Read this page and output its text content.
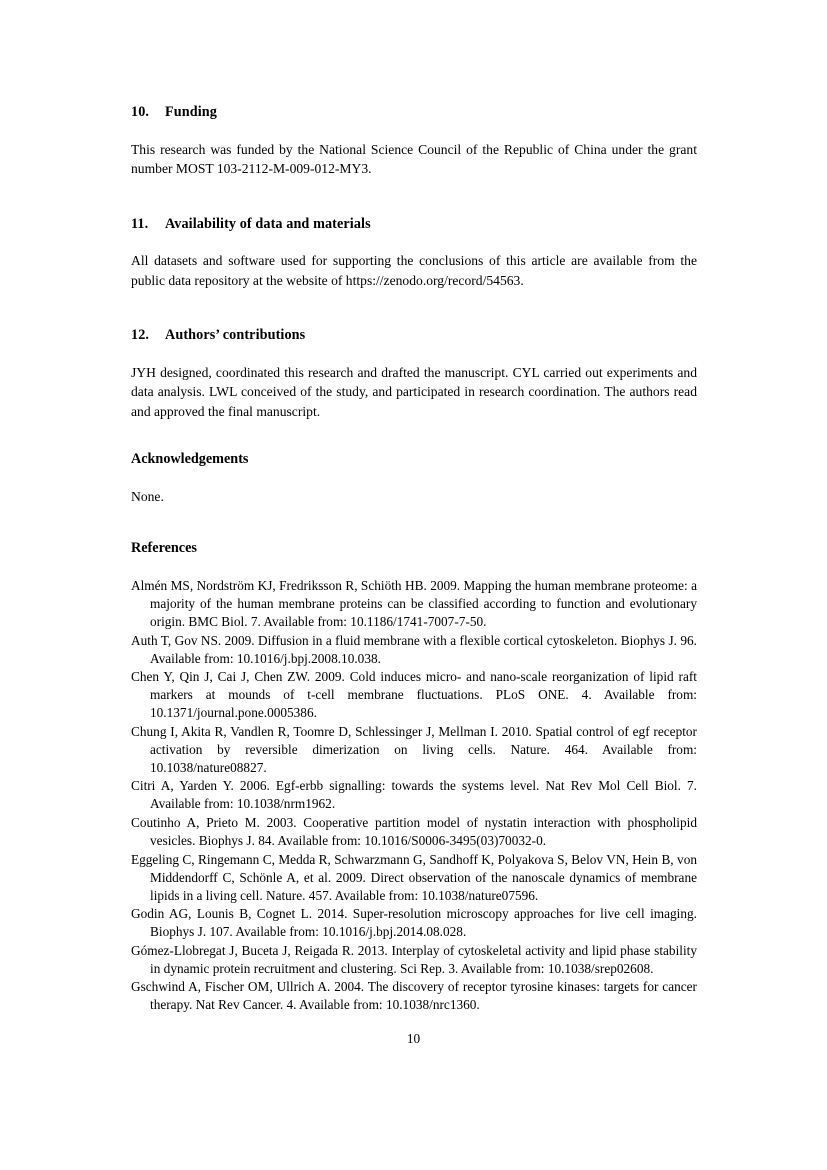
10. Funding

This research was funded by the National Science Council of the Republic of China under the grant number MOST 103-2112-M-009-012-MY3.

11. Availability of data and materials

All datasets and software used for supporting the conclusions of this article are available from the public data repository at the website of https://zenodo.org/record/54563.

12. Authors’ contributions

JYH designed, coordinated this research and drafted the manuscript. CYL carried out experiments and data analysis. LWL conceived of the study, and participated in research coordination. The authors read and approved the final manuscript.

Acknowledgements

None.

References
Almén MS, Nordström KJ, Fredriksson R, Schiöth HB. 2009. Mapping the human membrane proteome: a majority of the human membrane proteins can be classified according to function and evolutionary origin. BMC Biol. 7. Available from: 10.1186/1741-7007-7-50.
Auth T, Gov NS. 2009. Diffusion in a fluid membrane with a flexible cortical cytoskeleton. Biophys J. 96. Available from: 10.1016/j.bpj.2008.10.038.
Chen Y, Qin J, Cai J, Chen ZW. 2009. Cold induces micro- and nano-scale reorganization of lipid raft markers at mounds of t-cell membrane fluctuations. PLoS ONE. 4. Available from: 10.1371/journal.pone.0005386.
Chung I, Akita R, Vandlen R, Toomre D, Schlessinger J, Mellman I. 2010. Spatial control of egf receptor activation by reversible dimerization on living cells. Nature. 464. Available from: 10.1038/nature08827.
Citri A, Yarden Y. 2006. Egf-erbb signalling: towards the systems level. Nat Rev Mol Cell Biol. 7. Available from: 10.1038/nrm1962.
Coutinho A, Prieto M. 2003. Cooperative partition model of nystatin interaction with phospholipid vesicles. Biophys J. 84. Available from: 10.1016/S0006-3495(03)70032-0.
Eggeling C, Ringemann C, Medda R, Schwarzmann G, Sandhoff K, Polyakova S, Belov VN, Hein B, von Middendorff C, Schönle A, et al. 2009. Direct observation of the nanoscale dynamics of membrane lipids in a living cell. Nature. 457. Available from: 10.1038/nature07596.
Godin AG, Lounis B, Cognet L. 2014. Super-resolution microscopy approaches for live cell imaging. Biophys J. 107. Available from: 10.1016/j.bpj.2014.08.028.
Gómez-Llobregat J, Buceta J, Reigada R. 2013. Interplay of cytoskeletal activity and lipid phase stability in dynamic protein recruitment and clustering. Sci Rep. 3. Available from: 10.1038/srep02608.
Gschwind A, Fischer OM, Ullrich A. 2004. The discovery of receptor tyrosine kinases: targets for cancer therapy. Nat Rev Cancer. 4. Available from: 10.1038/nrc1360.
10
